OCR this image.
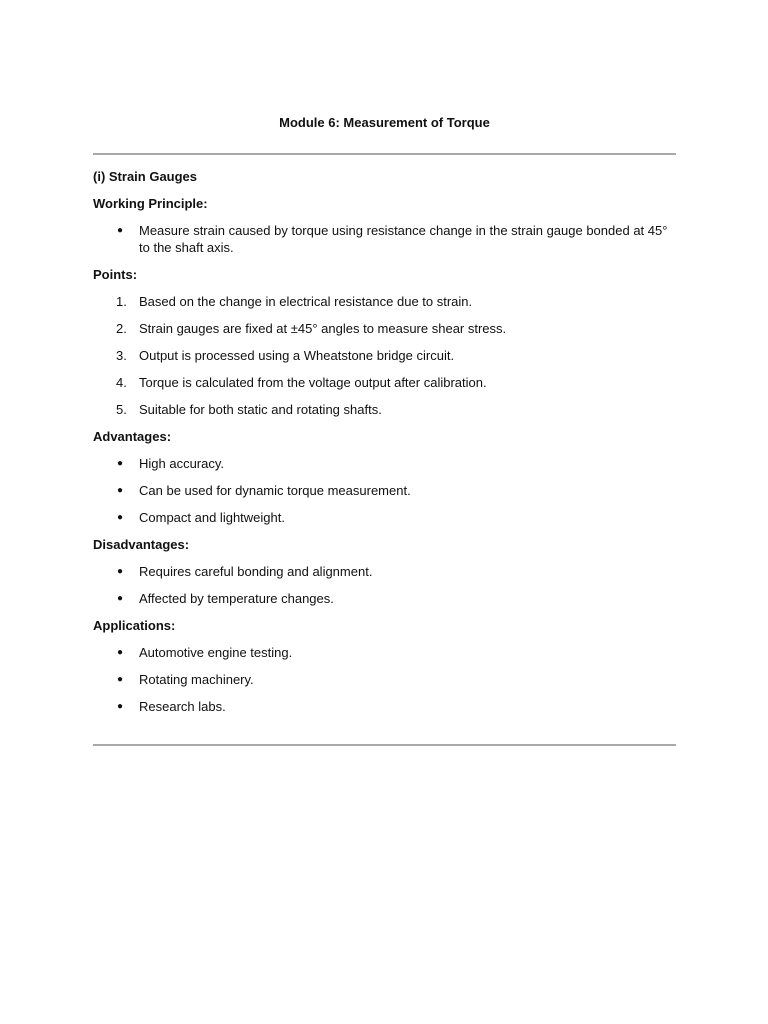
Module 6: Measurement of Torque
(i) Strain Gauges
Working Principle:
●	Measure strain caused by torque using resistance change in the strain gauge bonded at 45° to the shaft axis.
Points:
1. Based on the change in electrical resistance due to strain.
2. Strain gauges are fixed at ±45° angles to measure shear stress.
3. Output is processed using a Wheatstone bridge circuit.
4. Torque is calculated from the voltage output after calibration.
5. Suitable for both static and rotating shafts.
Advantages:
●	High accuracy.
●	Can be used for dynamic torque measurement.
●	Compact and lightweight.
Disadvantages:
●	Requires careful bonding and alignment.
●	Affected by temperature changes.
Applications:
●	Automotive engine testing.
●	Rotating machinery.
●	Research labs.
